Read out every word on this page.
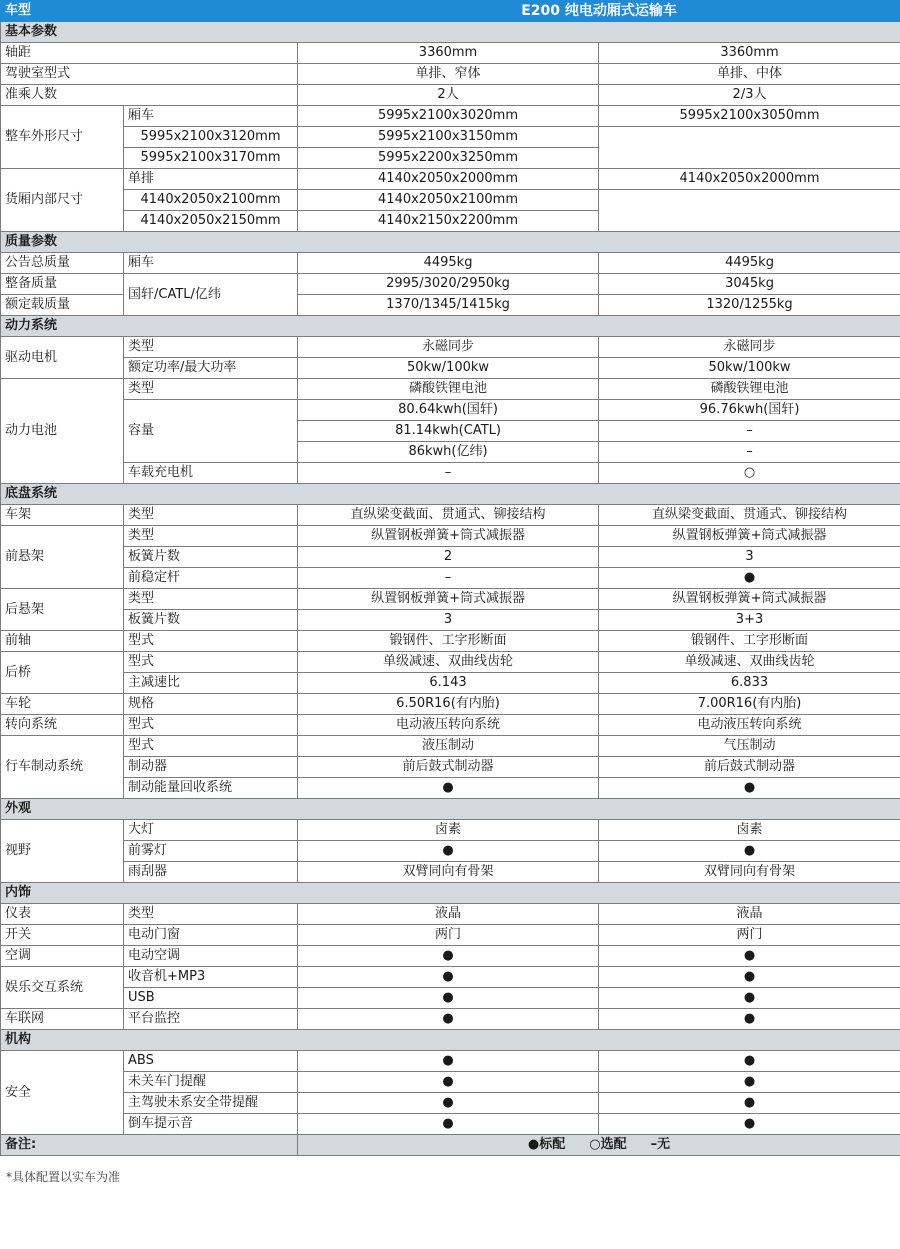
车型		E200 纯电动厢式运输车	
基本参数			
轴距		3360mm	3360mm
驾驶室型式		单排、窄体	单排、中体
准乘人数		2人	2/3人
整车外形尺寸	厢车	5995x2100x3020mm	5995x2100x3050mm
	5995x2100x3120mm	5995x2100x3150mm	
	5995x2100x3170mm	5995x2200x3250mm	
货厢内部尺寸	单排	4140x2050x2000mm	4140x2050x2000mm
	4140x2050x2100mm	4140x2050x2100mm	
	4140x2050x2150mm	4140x2150x2200mm	
质量参数			
公告总质量	厢车	4495kg	4495kg
整备质量	国轩/CATL/亿纬	2995/3020/2950kg	3045kg
额定载质量		1370/1345/1415kg	1320/1255kg
动力系统			
驱动电机	类型	永磁同步	永磁同步
	额定功率/最大功率	50kw/100kw	50kw/100kw
动力电池	类型	磷酸铁锂电池	磷酸铁锂电池
	容量	80.64kwh(国轩)	96.76kwh(国轩)
		81.14kwh(CATL)	–
		86kwh(亿纬)	–
	车载充电机	–	○
底盘系统			
车架	类型	直纵梁变截面、贯通式、铆接结构	直纵梁变截面、贯通式、铆接结构
前悬架	类型	纵置钢板弹簧+筒式减振器	纵置钢板弹簧+筒式减振器
	板簧片数	2	3
	前稳定杆	–	●
后悬架	类型	纵置钢板弹簧+筒式减振器	纵置钢板弹簧+筒式减振器
	板簧片数	3	3+3
前轴	型式	锻钢件、工字形断面	锻钢件、工字形断面
后桥	型式	单级减速、双曲线齿轮	单级减速、双曲线齿轮
	主减速比	6.143	6.833
车轮	规格	6.50R16(有内胎)	7.00R16(有内胎)
转向系统	型式	电动液压转向系统	电动液压转向系统
行车制动系统	型式	液压制动	气压制动
	制动器	前后鼓式制动器	前后鼓式制动器
	制动能量回收系统	●	●
外观			
视野	大灯	卤素	卤素
	前雾灯	●	●
	雨刮器	双臂同向有骨架	双臂同向有骨架
内饰			
仪表	类型	液晶	液晶
开关	电动门窗	两门	两门
空调	电动空调	●	●
娱乐交互系统	收音机+MP3	●	●
	USB	●	●
车联网	平台监控	●	●
机构			
安全	ABS	●	●
	未关车门提醒	●	●
	主驾驶未系安全带提醒	●	●
	倒车提示音	●	●
备注:		●标配 ○选配 –无	
*具体配置以实车为准
